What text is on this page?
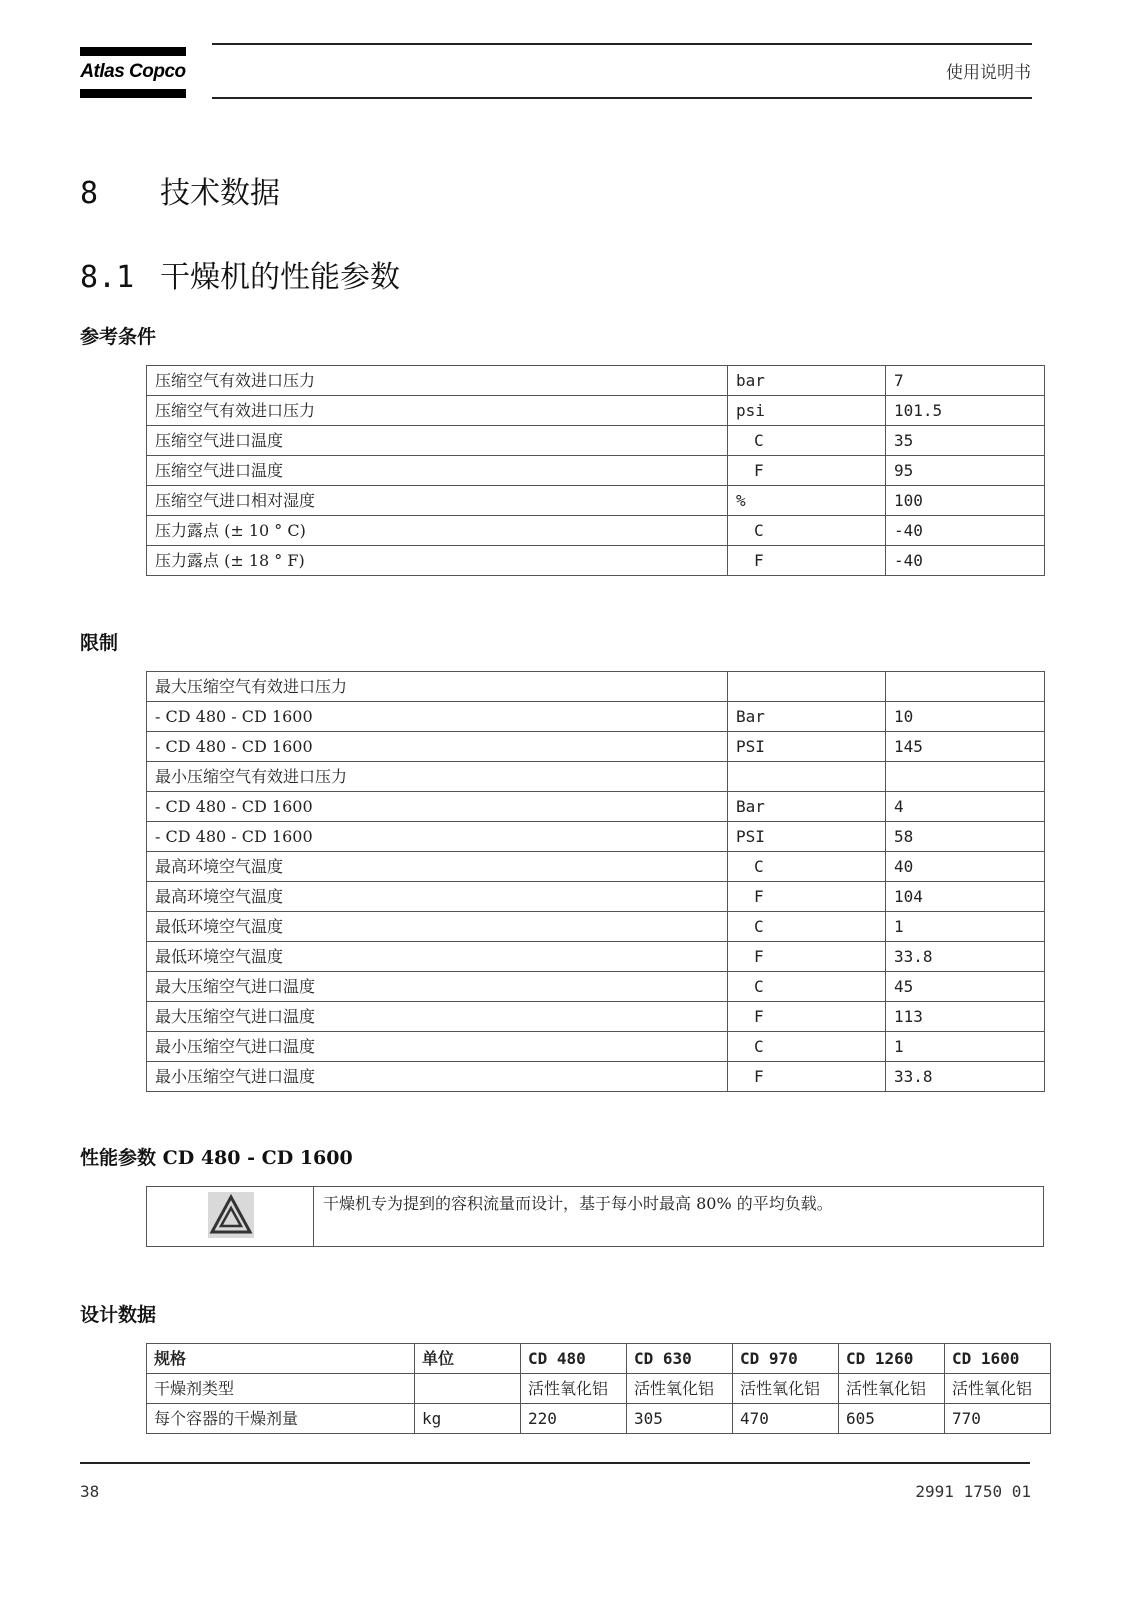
Atlas Copco	使用说明书
8 技术数据
8.1 干燥机的性能参数
参考条件
压缩空气有效进口压力	bar	7
压缩空气有效进口压力	psi	101.5
压缩空气进口温度	C	35
压缩空气进口温度	F	95
压缩空气进口相对湿度	%	100
压力露点 (± 10 ° C)	C	-40
压力露点 (± 18 ° F)	F	-40
限制
最大压缩空气有效进口压力		
- CD 480 - CD 1600	Bar	10
- CD 480 - CD 1600	PSI	145
最小压缩空气有效进口压力		
- CD 480 - CD 1600	Bar	4
- CD 480 - CD 1600	PSI	58
最高环境空气温度	C	40
最高环境空气温度	F	104
最低环境空气温度	C	1
最低环境空气温度	F	33.8
最大压缩空气进口温度	C	45
最大压缩空气进口温度	F	113
最小压缩空气进口温度	C	1
最小压缩空气进口温度	F	33.8
性能参数 CD 480 - CD 1600
干燥机专为提到的容积流量而设计，基于每小时最高 80% 的平均负载。
设计数据
规格	单位	CD 480	CD 630	CD 970	CD 1260	CD 1600
干燥剂类型		活性氧化铝	活性氧化铝	活性氧化铝	活性氧化铝	活性氧化铝
每个容器的干燥剂量	kg	220	305	470	605	770
38	2991 1750 01
